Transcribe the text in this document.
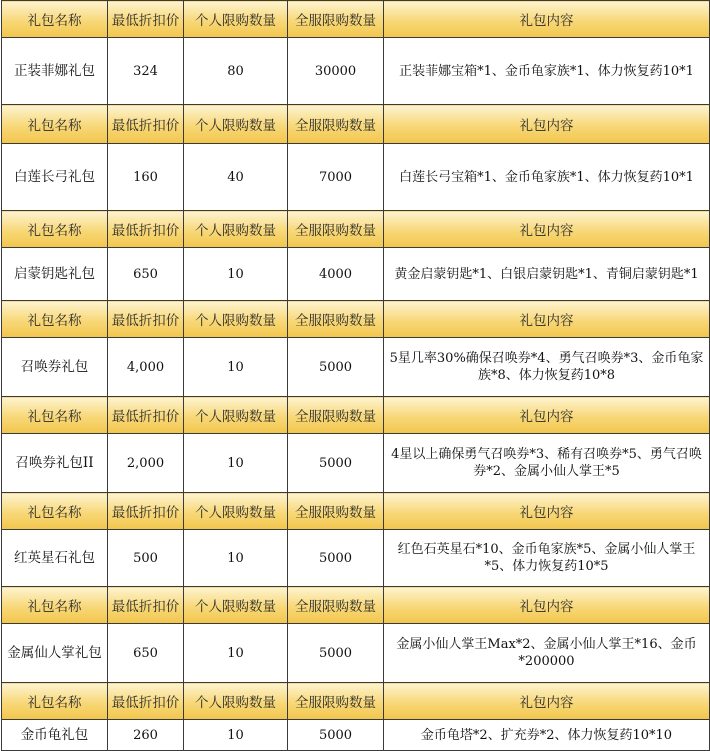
礼包名称	最低折扣价	个人限购数量	全服限购数量	礼包内容
正装菲娜礼包	324	80	30000	正装菲娜宝箱*1、金币龟家族*1、体力恢复药10*1
礼包名称	最低折扣价	个人限购数量	全服限购数量	礼包内容
白莲长弓礼包	160	40	7000	白莲长弓宝箱*1、金币龟家族*1、体力恢复药10*1
礼包名称	最低折扣价	个人限购数量	全服限购数量	礼包内容
启蒙钥匙礼包	650	10	4000	黄金启蒙钥匙*1、白银启蒙钥匙*1、青铜启蒙钥匙*1
礼包名称	最低折扣价	个人限购数量	全服限购数量	礼包内容
召唤券礼包	4,000	10	5000	5星几率30%确保召唤券*4、勇气召唤券*3、金币龟家族*8、体力恢复药10*8
礼包名称	最低折扣价	个人限购数量	全服限购数量	礼包内容
召唤券礼包II	2,000	10	5000	4星以上确保勇气召唤券*3、稀有召唤券*5、勇气召唤券*2、金属小仙人掌王*5
礼包名称	最低折扣价	个人限购数量	全服限购数量	礼包内容
红英星石礼包	500	10	5000	红色石英星石*10、金币龟家族*5、金属小仙人掌王*5、体力恢复药10*5
礼包名称	最低折扣价	个人限购数量	全服限购数量	礼包内容
金属仙人掌礼包	650	10	5000	金属小仙人掌王Max*2、金属小仙人掌王*16、金币*200000
礼包名称	最低折扣价	个人限购数量	全服限购数量	礼包内容
金币龟礼包	260	10	5000	金币龟塔*2、扩充券*2、体力恢复药10*10
